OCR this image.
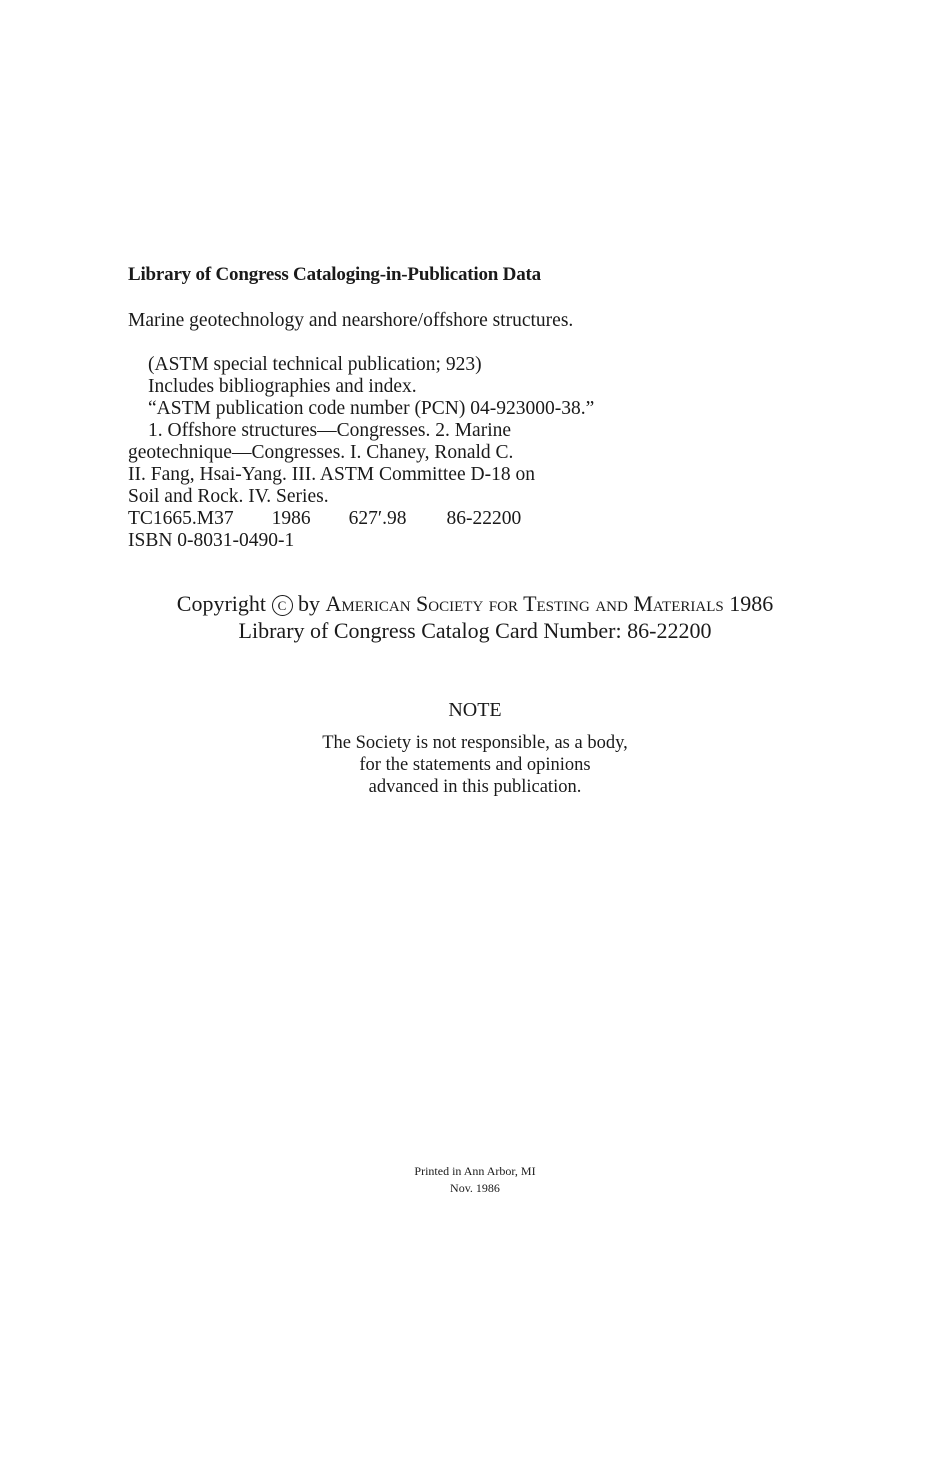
Library of Congress Cataloging-in-Publication Data
Marine geotechnology and nearshore/offshore structures.
(ASTM special technical publication; 923)
Includes bibliographies and index.
“ASTM publication code number (PCN) 04-923000-38.”
1. Offshore structures—Congresses. 2. Marine
geotechnique—Congresses. I. Chaney, Ronald C.
II. Fang, Hsai-Yang. III. ASTM Committee D-18 on
Soil and Rock. IV. Series.
TC1665.M37 1986 627′.98 86-22200
ISBN 0-8031-0490-1
Copyright C by American Society for Testing and Materials 1986
Library of Congress Catalog Card Number: 86-22200
NOTE
The Society is not responsible, as a body,
for the statements and opinions
advanced in this publication.
Printed in Ann Arbor, MI
Nov. 1986
